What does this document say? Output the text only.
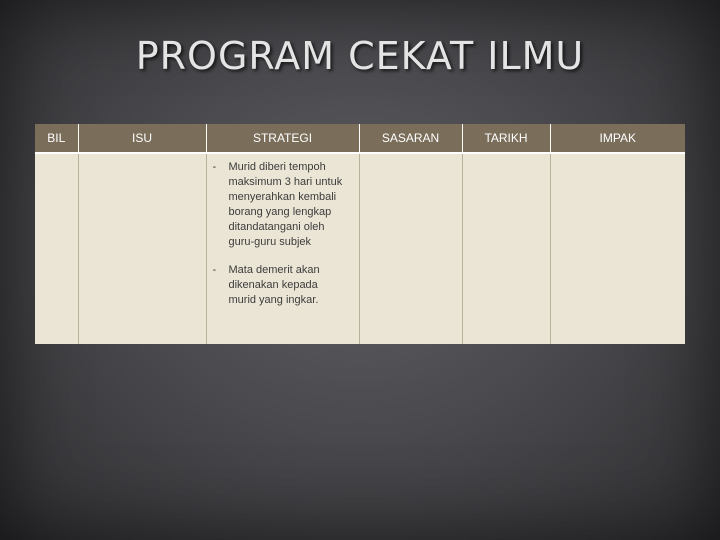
PROGRAM CEKAT ILMU
BIL	ISU	STRATEGI	SASARAN	TARIKH	IMPAK

		- Murid diberi tempoh maksimum 3 hari untuk menyerahkan kembali borang yang lengkap ditandatangani oleh guru-guru subjek
- Mata demerit akan dikenakan kepada murid yang ingkar.			
